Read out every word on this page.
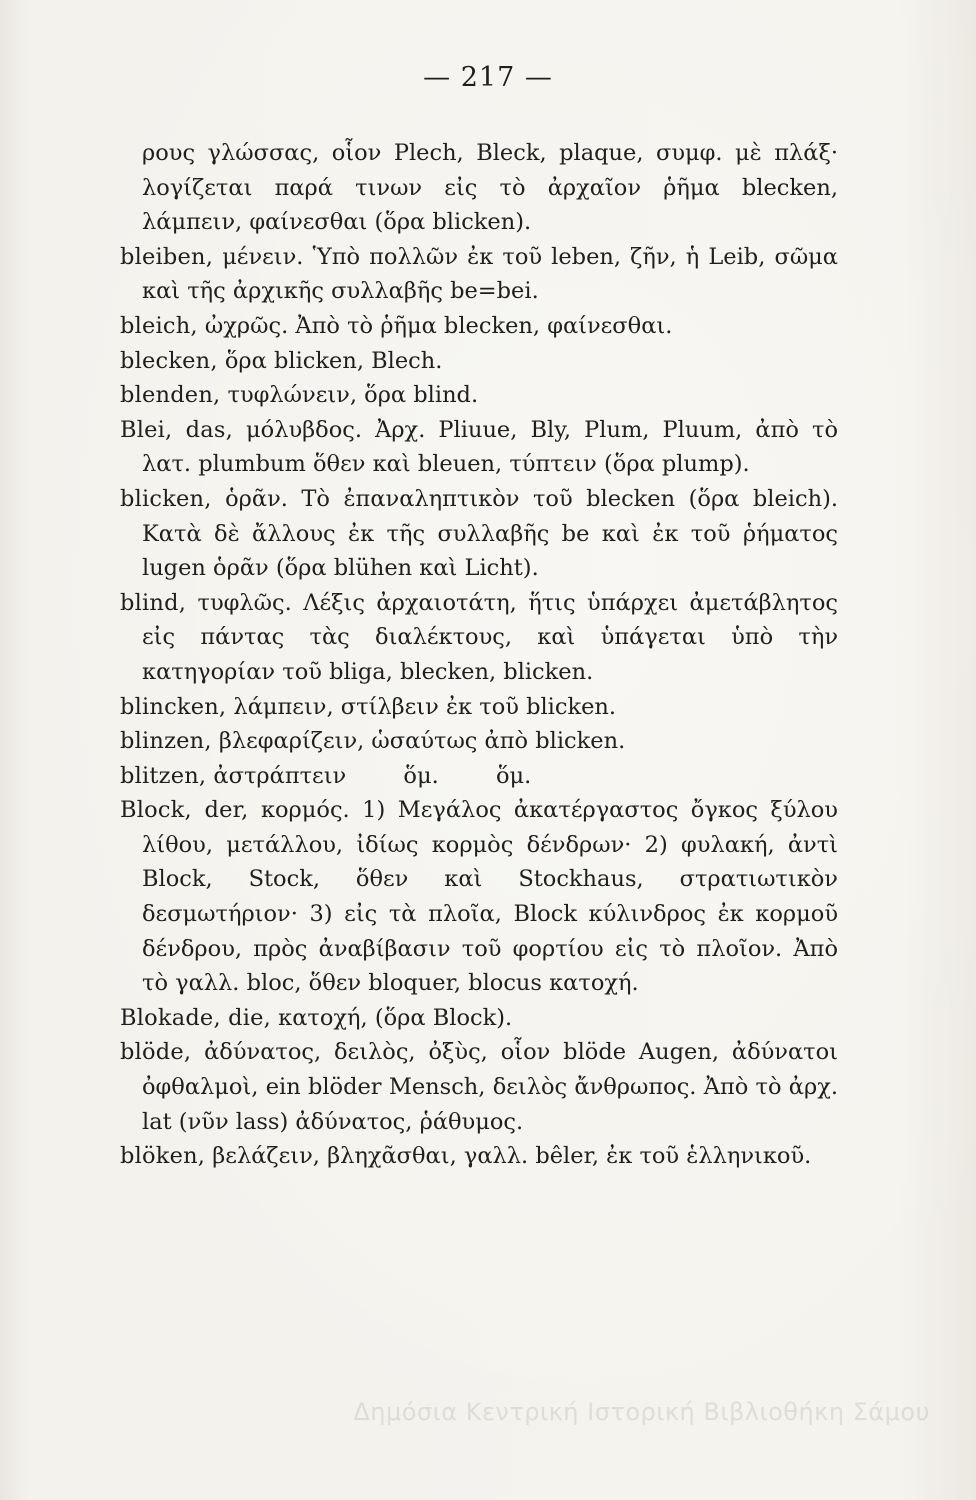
— 217 —

ρους γλώσσας, οἷον Plech, Bleck, plaque, συμφ. μὲ πλάξ· λογίζεται παρά τινων εἰς τὸ ἀρχαῖον ῥῆμα blecken, λάμπειν, φαίνεσθαι (ὅρα blicken).

bleiben, μένειν. Ὑπὸ πολλῶν ἐκ τοῦ leben, ζῆν, ἡ Leib, σῶμα καὶ τῆς ἀρχικῆς συλλαβῆς be=bei.

bleich, ὠχρῶς. Ἀπὸ τὸ ῥῆμα blecken, φαίνεσθαι.

blecken, ὅρα blicken, Blech.

blenden, τυφλώνειν, ὅρα blind.

Blei, das, μόλυβδος. Ἀρχ. Pliuue, Bly, Plum, Pluum, ἀπὸ τὸ λατ. plumbum ὅθεν καὶ bleuen, τύπτειν (ὅρα plump).

blicken, ὁρᾶν. Τὸ ἐπαναληπτικὸν τοῦ blecken (ὅρα bleich). Κατὰ δὲ ἄλλους ἐκ τῆς συλλαβῆς be καὶ ἐκ τοῦ ῥήματος lugen ὁρᾶν (ὅρα blühen καὶ Licht).

blind, τυφλῶς. Λέξις ἀρχαιοτάτη, ἥτις ὑπάρχει ἀμετάβλητος εἰς πάντας τὰς διαλέκτους, καὶ ὑπάγεται ὑπὸ τὴν κατηγορίαν τοῦ bliga, blecken, blicken.

blincken, λάμπειν, στίλβειν ἐκ τοῦ blicken.

blinzen, βλεφαρίζειν, ὡσαύτως ἀπὸ blicken.

blitzen, ἀστράπτειν        ὅμ.        ὅμ.

Block, der, κορμός. 1) Μεγάλος ἀκατέργαστος ὄγκος ξύλου λίθου, μετάλλου, ἰδίως κορμὸς δένδρων· 2) φυλακή, ἀντὶ Block, Stock, ὅθεν καὶ Stockhaus, στρατιωτικὸν δεσμωτήριον· 3) εἰς τὰ πλοῖα, Block κύλινδρος ἐκ κορμοῦ δένδρου, πρὸς ἀναβίβασιν τοῦ φορτίου εἰς τὸ πλοῖον. Ἀπὸ τὸ γαλλ. bloc, ὅθεν bloquer, blocus κατοχή.

Blokade, die, κατοχή, (ὅρα Block).

blöde, ἀδύνατος, δειλὸς, ὀξὺς, οἷον blöde Augen, ἀδύνατοι ὀφθαλμοὶ, ein blöder Mensch, δειλὸς ἄνθρωπος. Ἀπὸ τὸ ἀρχ. lat (νῦν lass) ἀδύνατος, ῥάθυμος.

blöken, βελάζειν, βληχᾶσθαι, γαλλ. bêler, ἐκ τοῦ ἑλληνικοῦ.

Δημόσια Κεντρική Ιστορική Βιβλιοθήκη Σάμου
